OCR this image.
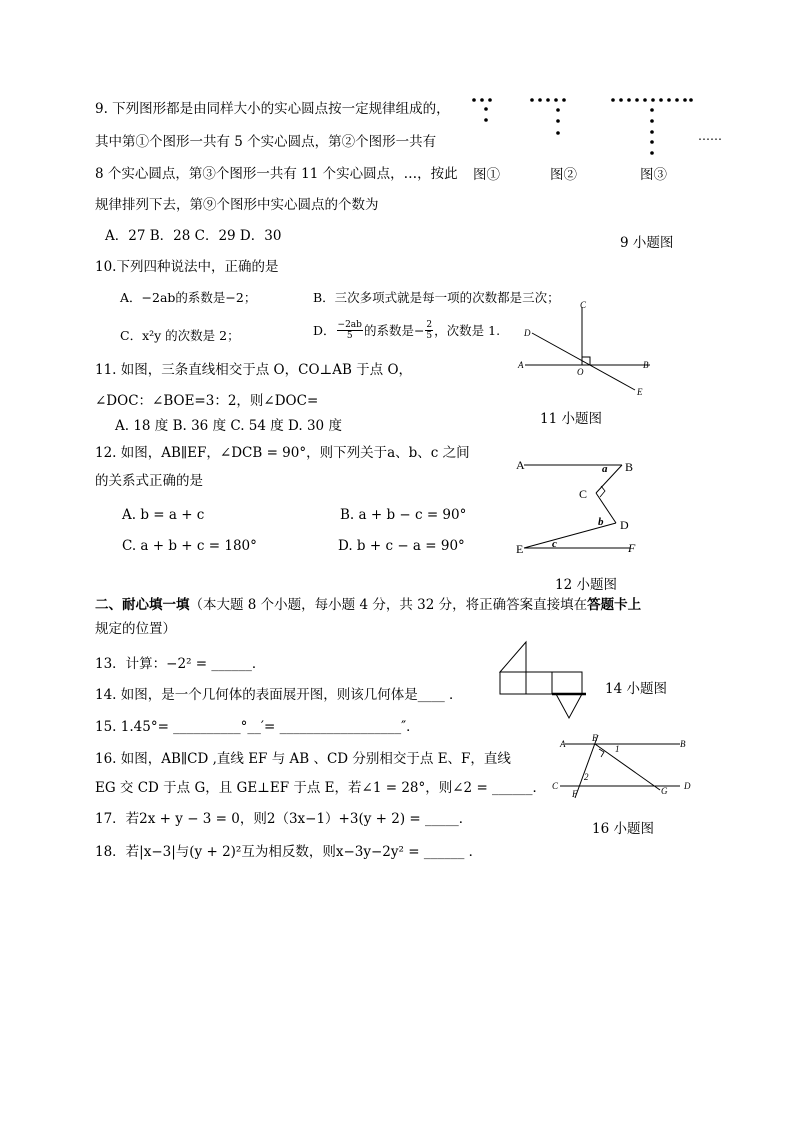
9. 下列图形都是由同样大小的实心圆点按一定规律组成的，
其中第①个图形一共有 5 个实心圆点，第②个图形一共有
8 个实心圆点，第③个图形一共有 11 个实心圆点，…，按此
规律排列下去，第⑨个图形中实心圆点的个数为
A．27 B．28 C．29 D．30
……
图①	图②	图③
9 小题图
10.下列四种说法中，正确的是
A．−2ab的系数是−2；	B．三次多项式就是每一项的次数都是三次；
C．x²y 的次数是 2；	D． $\frac{-2ab}{5}$ 的系数是− $\frac{2}{5}$ ，次数是 1.
A	B
C
D
E
O
11. 如图，三条直线相交于点 O，CO⊥AB 于点 O，
∠DOC：∠BOE=3：2，则∠DOC=
11 小题图
A. 18 度 B. 36 度 C. 54 度 D. 30 度
12. 如图，AB∥EF，∠DCB = 90°，则下列关于a、b、c 之间
的关系式正确的是
A. b = a + c	B. a + b − c = 90°
C. a + b + c = 180°	D. b + c − a = 90°
A	B
C
D
E	F
a
b
c
12 小题图
二、耐心填一填（本大题 8 个小题，每小题 4 分，共 32 分，将正确答案直接填在答题卡上
规定的位置）
13．计算：−2² = ______．
14 小题图
14. 如图，是一个几何体的表面展开图，则该几何体是____ ．
15. 1.45°= __________°__′= __________________″．
A	B
C	D
E
F	G
1
2
16. 如图，AB∥CD ,直线 EF 与 AB 、CD 分别相交于点 E、F，直线
EG 交 CD 于点 G，且 GE⊥EF 于点 E，若∠1 = 28°，则∠2 = ______．
16 小题图
17．若2x + y − 3 = 0，则2（3x−1）+3(y + 2) = _____．
18．若|x−3|与(y + 2)²互为相反数，则x−3y−2y² = ______ ．
